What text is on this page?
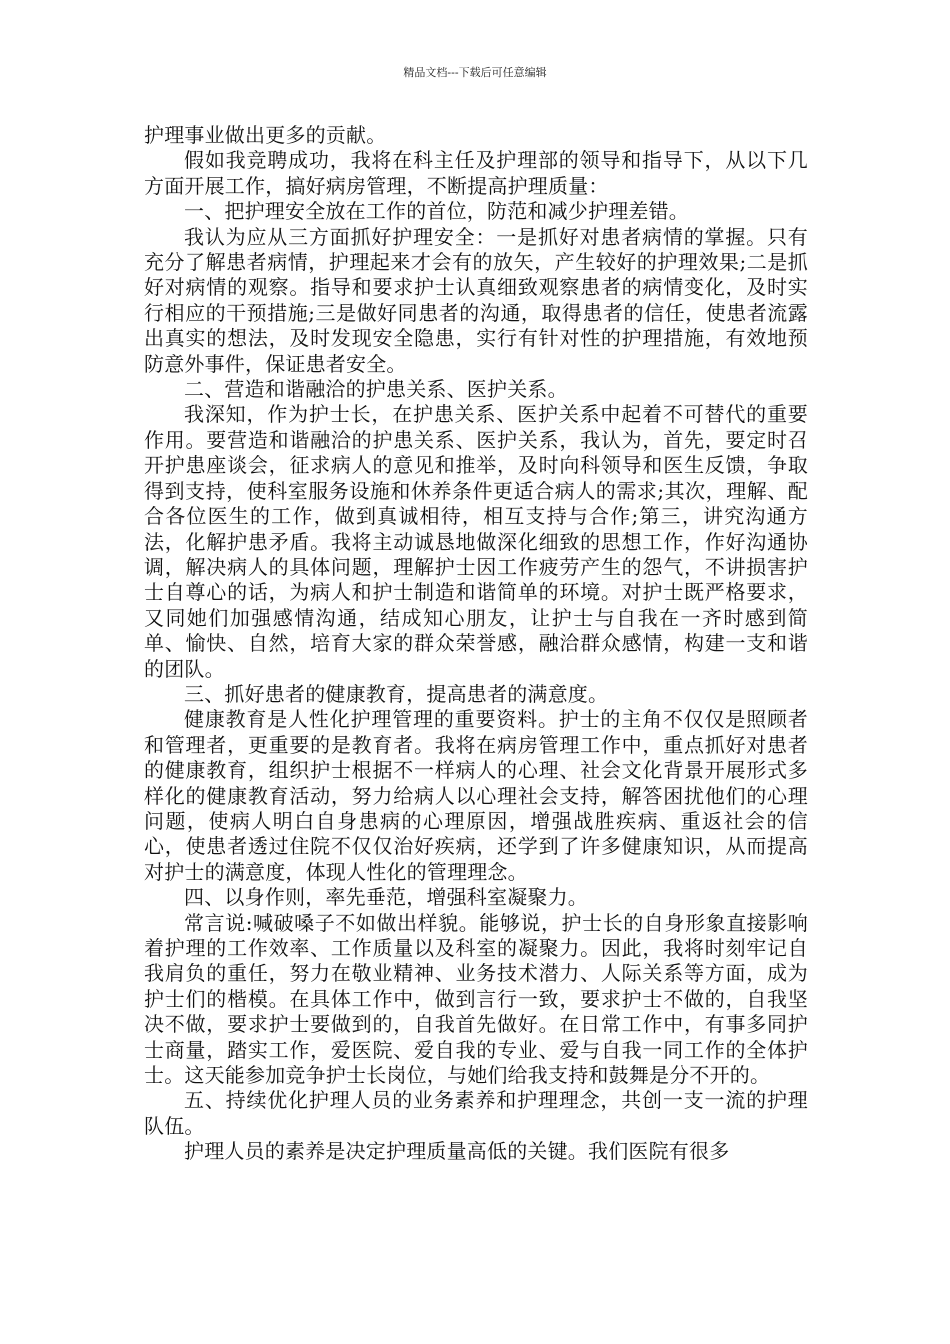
精品文档---下载后可任意编辑

护理事业做出更多的贡献。

假如我竞聘成功，我将在科主任及护理部的领导和指导下，从以下几方面开展工作，搞好病房管理，不断提高护理质量：

一、把护理安全放在工作的首位，防范和减少护理差错。

我认为应从三方面抓好护理安全：一是抓好对患者病情的掌握。只有充分了解患者病情，护理起来才会有的放矢，产生较好的护理效果;二是抓好对病情的观察。指导和要求护士认真细致观察患者的病情变化，及时实行相应的干预措施;三是做好同患者的沟通，取得患者的信任，使患者流露出真实的想法，及时发现安全隐患，实行有针对性的护理措施，有效地预防意外事件，保证患者安全。

二、营造和谐融洽的护患关系、医护关系。

我深知，作为护士长，在护患关系、医护关系中起着不可替代的重要作用。要营造和谐融洽的护患关系、医护关系，我认为，首先，要定时召开护患座谈会，征求病人的意见和推举，及时向科领导和医生反馈，争取得到支持，使科室服务设施和休养条件更适合病人的需求;其次，理解、配合各位医生的工作，做到真诚相待，相互支持与合作;第三，讲究沟通方法，化解护患矛盾。我将主动诚恳地做深化细致的思想工作，作好沟通协调，解决病人的具体问题，理解护士因工作疲劳产生的怨气，不讲损害护士自尊心的话，为病人和护士制造和谐简单的环境。对护士既严格要求，又同她们加强感情沟通，结成知心朋友，让护士与自我在一齐时感到简单、愉快、自然，培育大家的群众荣誉感，融洽群众感情，构建一支和谐的团队。

三、抓好患者的健康教育，提高患者的满意度。

健康教育是人性化护理管理的重要资料。护士的主角不仅仅是照顾者和管理者，更重要的是教育者。我将在病房管理工作中，重点抓好对患者的健康教育，组织护士根据不一样病人的心理、社会文化背景开展形式多样化的健康教育活动，努力给病人以心理社会支持，解答困扰他们的心理问题，使病人明白自身患病的心理原因，增强战胜疾病、重返社会的信心，使患者透过住院不仅仅治好疾病，还学到了许多健康知识，从而提高对护士的满意度，体现人性化的管理理念。

四、以身作则，率先垂范，增强科室凝聚力。

常言说:喊破嗓子不如做出样貌。能够说，护士长的自身形象直接影响着护理的工作效率、工作质量以及科室的凝聚力。因此，我将时刻牢记自我肩负的重任，努力在敬业精神、业务技术潜力、人际关系等方面，成为护士们的楷模。在具体工作中，做到言行一致，要求护士不做的，自我坚决不做，要求护士要做到的，自我首先做好。在日常工作中，有事多同护士商量，踏实工作，爱医院、爱自我的专业、爱与自我一同工作的全体护士。这天能参加竞争护士长岗位，与她们给我支持和鼓舞是分不开的。

五、持续优化护理人员的业务素养和护理理念，共创一支一流的护理队伍。

护理人员的素养是决定护理质量高低的关键。我们医院有很多
